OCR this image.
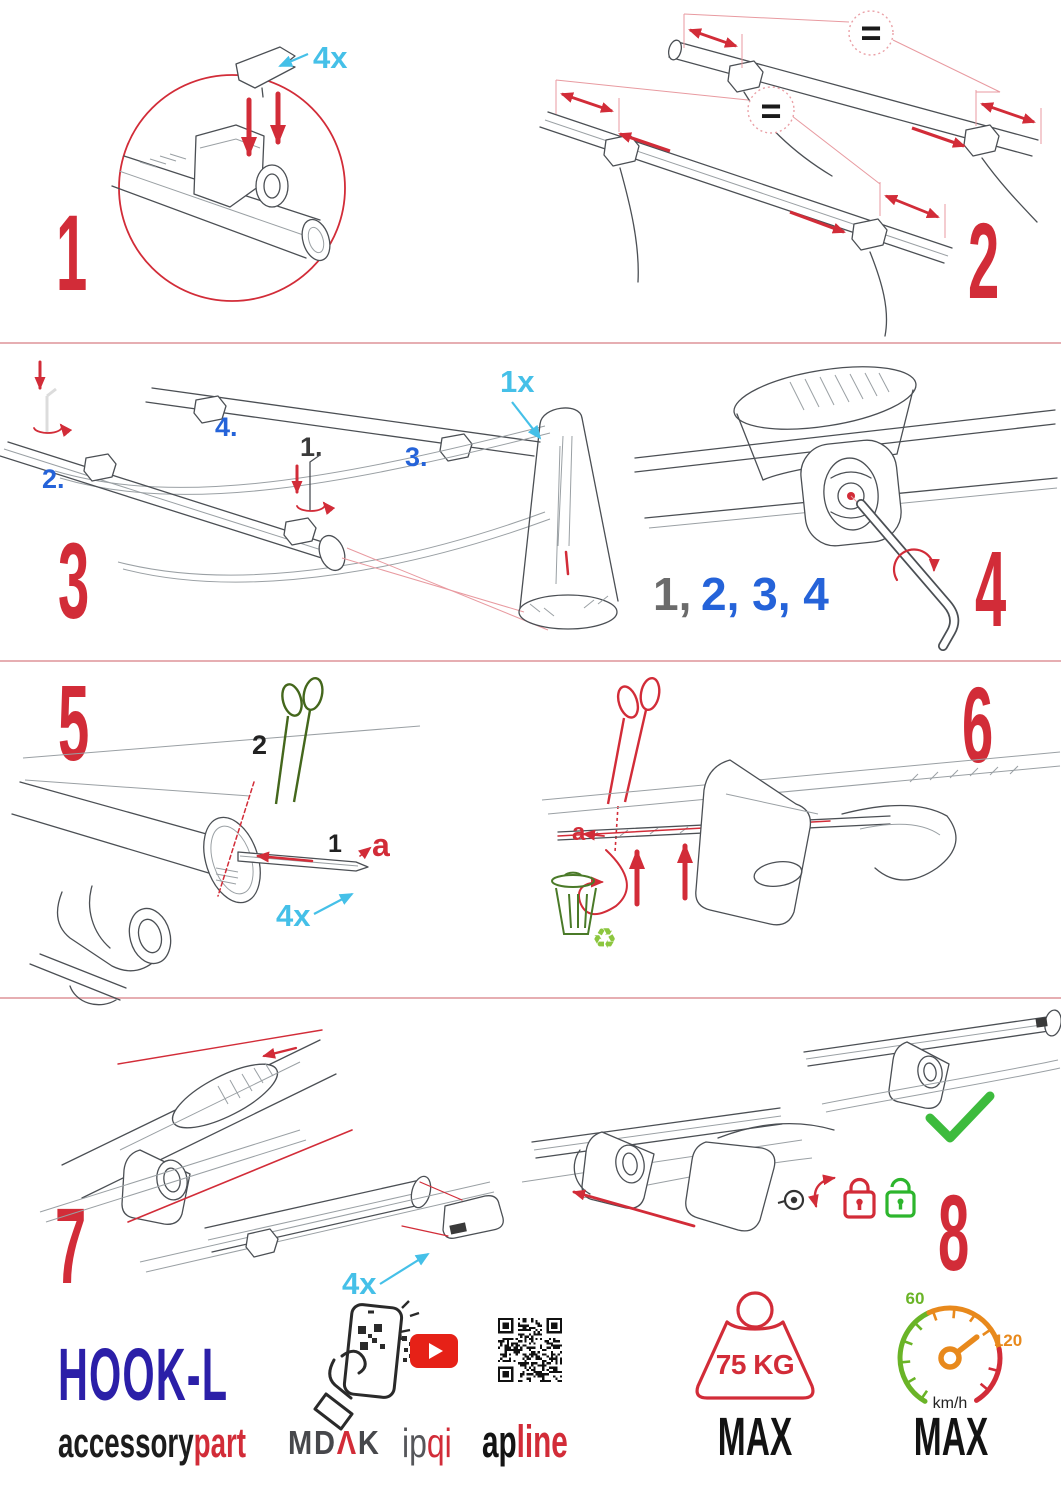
1
4x
2
=
=
3
2.
4.
3.
1.
1x
4
1, 2, 3, 4
5
1 a
4x
2	6
a
♻
7	4x	8
HOOK-L
accessorypart MDΛK ipqi apline
75 KG
MAX
60
120
km/h
MAX
